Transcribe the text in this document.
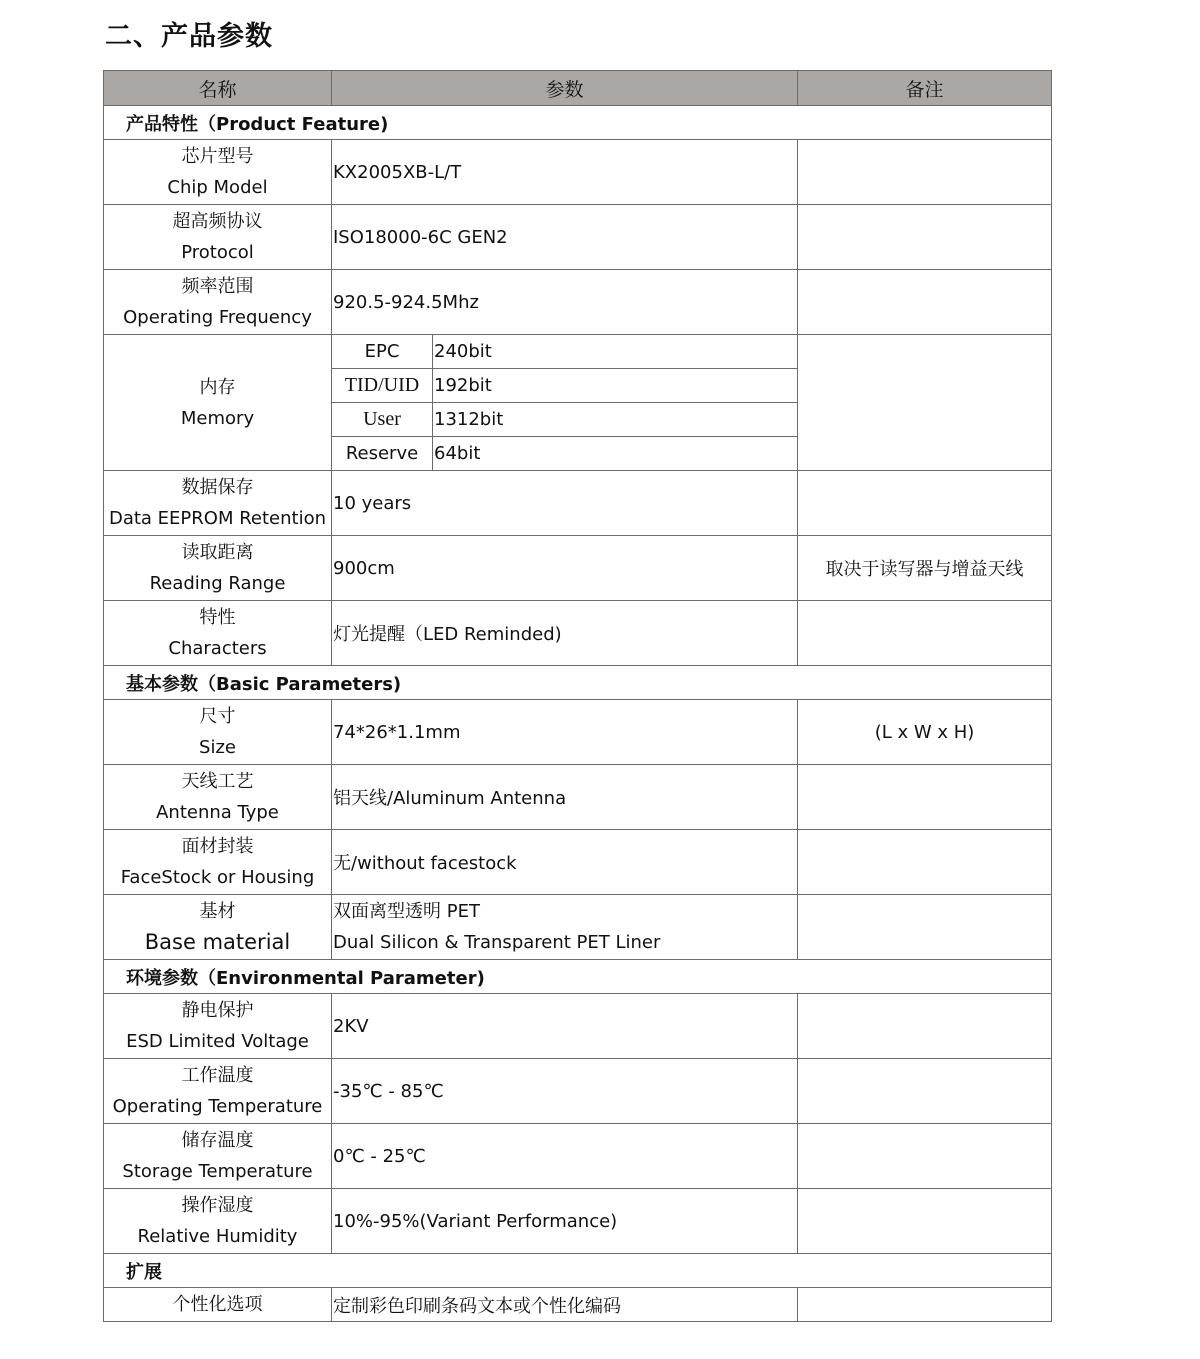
二、产品参数
名称	参数		备注
产品特性（Product Feature)			

芯片型号
Chip Model	KX2005XB-L/T		

超高频协议
Protocol	ISO18000-6C GEN2		

频率范围
Operating Frequency	920.5-924.5Mhz		

内存
Memory	EPC	240bit	
	TID/UID	192bit	
	User	1312bit	
	Reserve	64bit	

数据保存
Data EEPROM Retention	10 years		

读取距离
Reading Range	900cm		取决于读写器与增益天线

特性
Characters	灯光提醒（LED Reminded)		
基本参数（Basic Parameters)			

尺寸
Size	74*26*1.1mm		(L x W x H)

天线工艺
Antenna Type	铝天线/Aluminum Antenna		

面材封装
FaceStock or Housing	无/without facestock		

基材
Base material	双面离型透明 PET
Dual Silicon & Transparent PET Liner		

环境参数（Environmental Parameter)			

静电保护
ESD Limited Voltage	2KV		

工作温度
Operating Temperature	-35℃ - 85℃		

储存温度
Storage Temperature	0℃ - 25℃		

操作湿度
Relative Humidity	10%-95%(Variant Performance)		
扩展			
个性化选项	定制彩色印刷条码文本或个性化编码		
